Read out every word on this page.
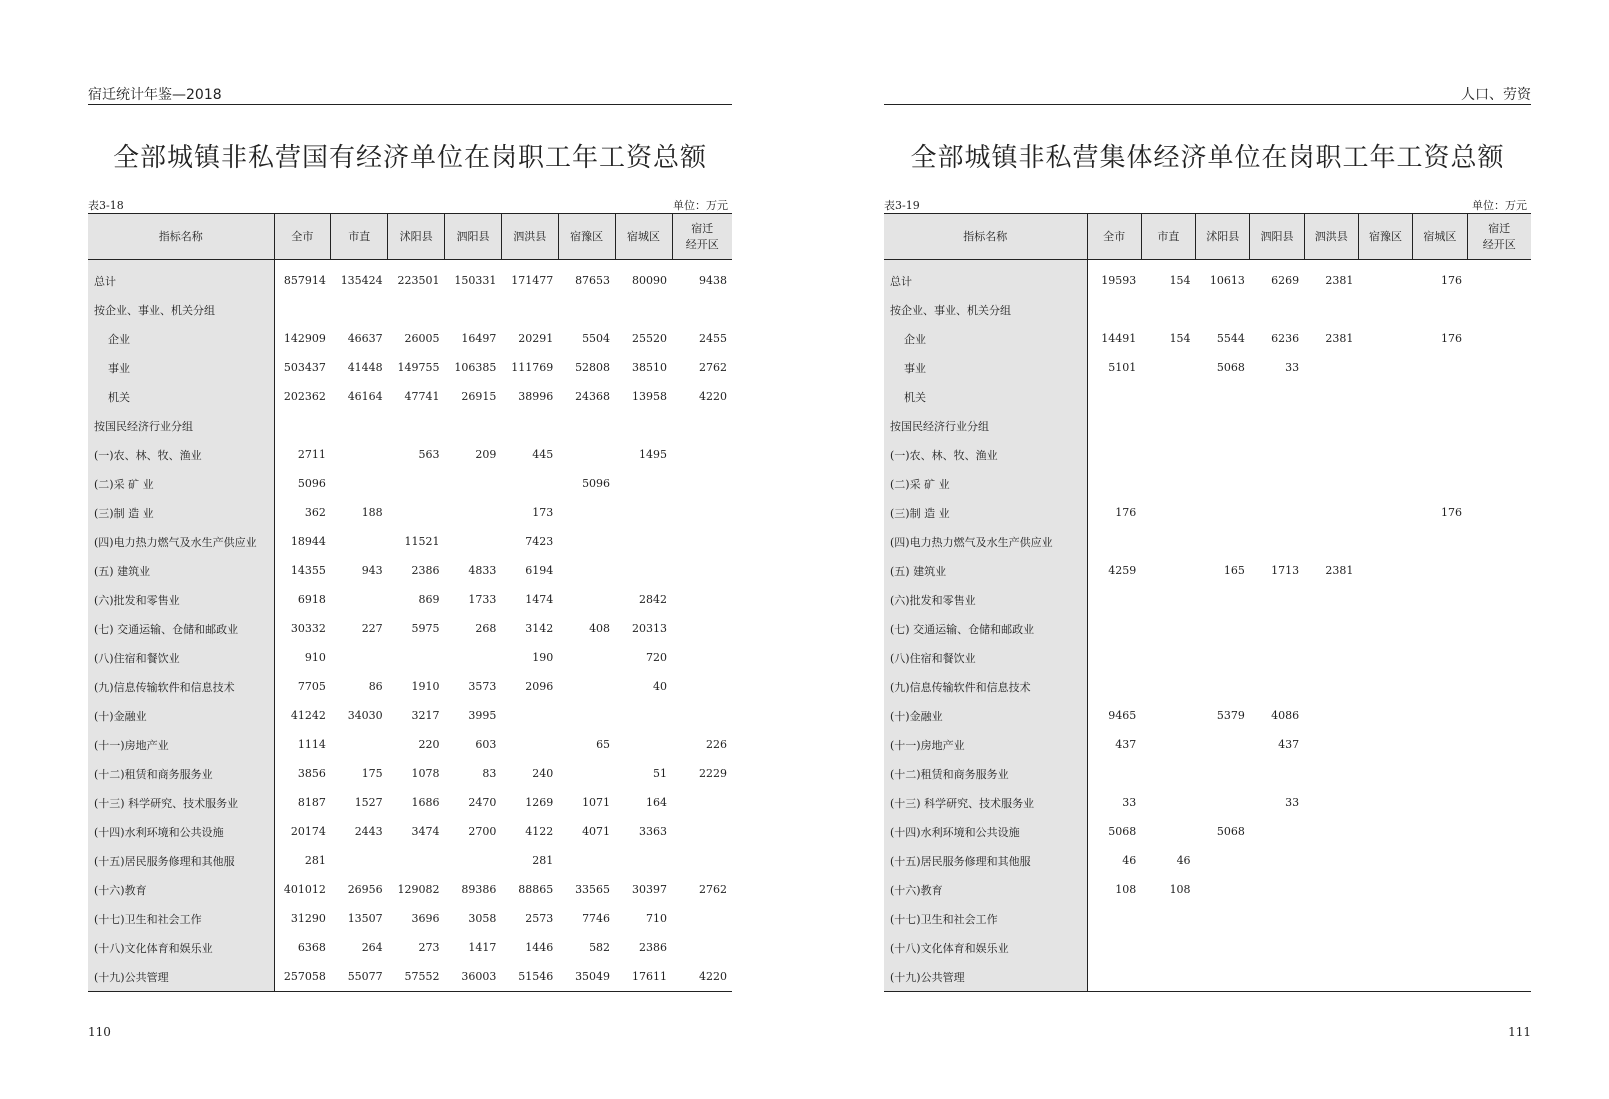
宿迁统计年鉴—2018
全部城镇非私营国有经济单位在岗职工年工资总额
表3-18	单位：万元
指标名称	全市	市直	沭阳县	泗阳县	泗洪县	宿豫区	宿城区	宿迁
经开区
总计	857914	135424	223501	150331	171477	87653	80090	9438
按企业、事业、机关分组								
企业	142909	46637	26005	16497	20291	5504	25520	2455
事业	503437	41448	149755	106385	111769	52808	38510	2762
机关	202362	46164	47741	26915	38996	24368	13958	4220
按国民经济行业分组								
(一)农、林、牧、渔业	2711		563	209	445		1495	
(二)采 矿 业	5096					5096		
(三)制 造 业	362	188			173			
(四)电力热力燃气及水生产供应业	18944		11521		7423			
(五) 建筑业	14355	943	2386	4833	6194			
(六)批发和零售业	6918		869	1733	1474		2842	
(七) 交通运输、仓储和邮政业	30332	227	5975	268	3142	408	20313	
(八)住宿和餐饮业	910				190		720	
(九)信息传输软件和信息技术	7705	86	1910	3573	2096		40	
(十)金融业	41242	34030	3217	3995				
(十一)房地产业	1114		220	603		65		226
(十二)租赁和商务服务业	3856	175	1078	83	240		51	2229
(十三) 科学研究、技术服务业	8187	1527	1686	2470	1269	1071	164	
(十四)水利环境和公共设施	20174	2443	3474	2700	4122	4071	3363	
(十五)居民服务修理和其他服	281				281			
(十六)教育	401012	26956	129082	89386	88865	33565	30397	2762
(十七)卫生和社会工作	31290	13507	3696	3058	2573	7746	710	
(十八)文化体育和娱乐业	6368	264	273	1417	1446	582	2386	
(十九)公共管理	257058	55077	57552	36003	51546	35049	17611	4220
110
人口、劳资
全部城镇非私营集体经济单位在岗职工年工资总额
表3-19	单位：万元
指标名称	全市	市直	沭阳县	泗阳县	泗洪县	宿豫区	宿城区	宿迁
经开区
总计	19593	154	10613	6269	2381		176	
按企业、事业、机关分组								
企业	14491	154	5544	6236	2381		176	
事业	5101		5068	33				
机关								
按国民经济行业分组								
(一)农、林、牧、渔业								
(二)采 矿 业								
(三)制 造 业	176						176	
(四)电力热力燃气及水生产供应业								
(五) 建筑业	4259		165	1713	2381			
(六)批发和零售业								
(七) 交通运输、仓储和邮政业								
(八)住宿和餐饮业								
(九)信息传输软件和信息技术								
(十)金融业	9465		5379	4086				
(十一)房地产业	437			437				
(十二)租赁和商务服务业								
(十三) 科学研究、技术服务业	33			33				
(十四)水利环境和公共设施	5068		5068					
(十五)居民服务修理和其他服	46	46						
(十六)教育	108	108						
(十七)卫生和社会工作								
(十八)文化体育和娱乐业								
(十九)公共管理								
111
